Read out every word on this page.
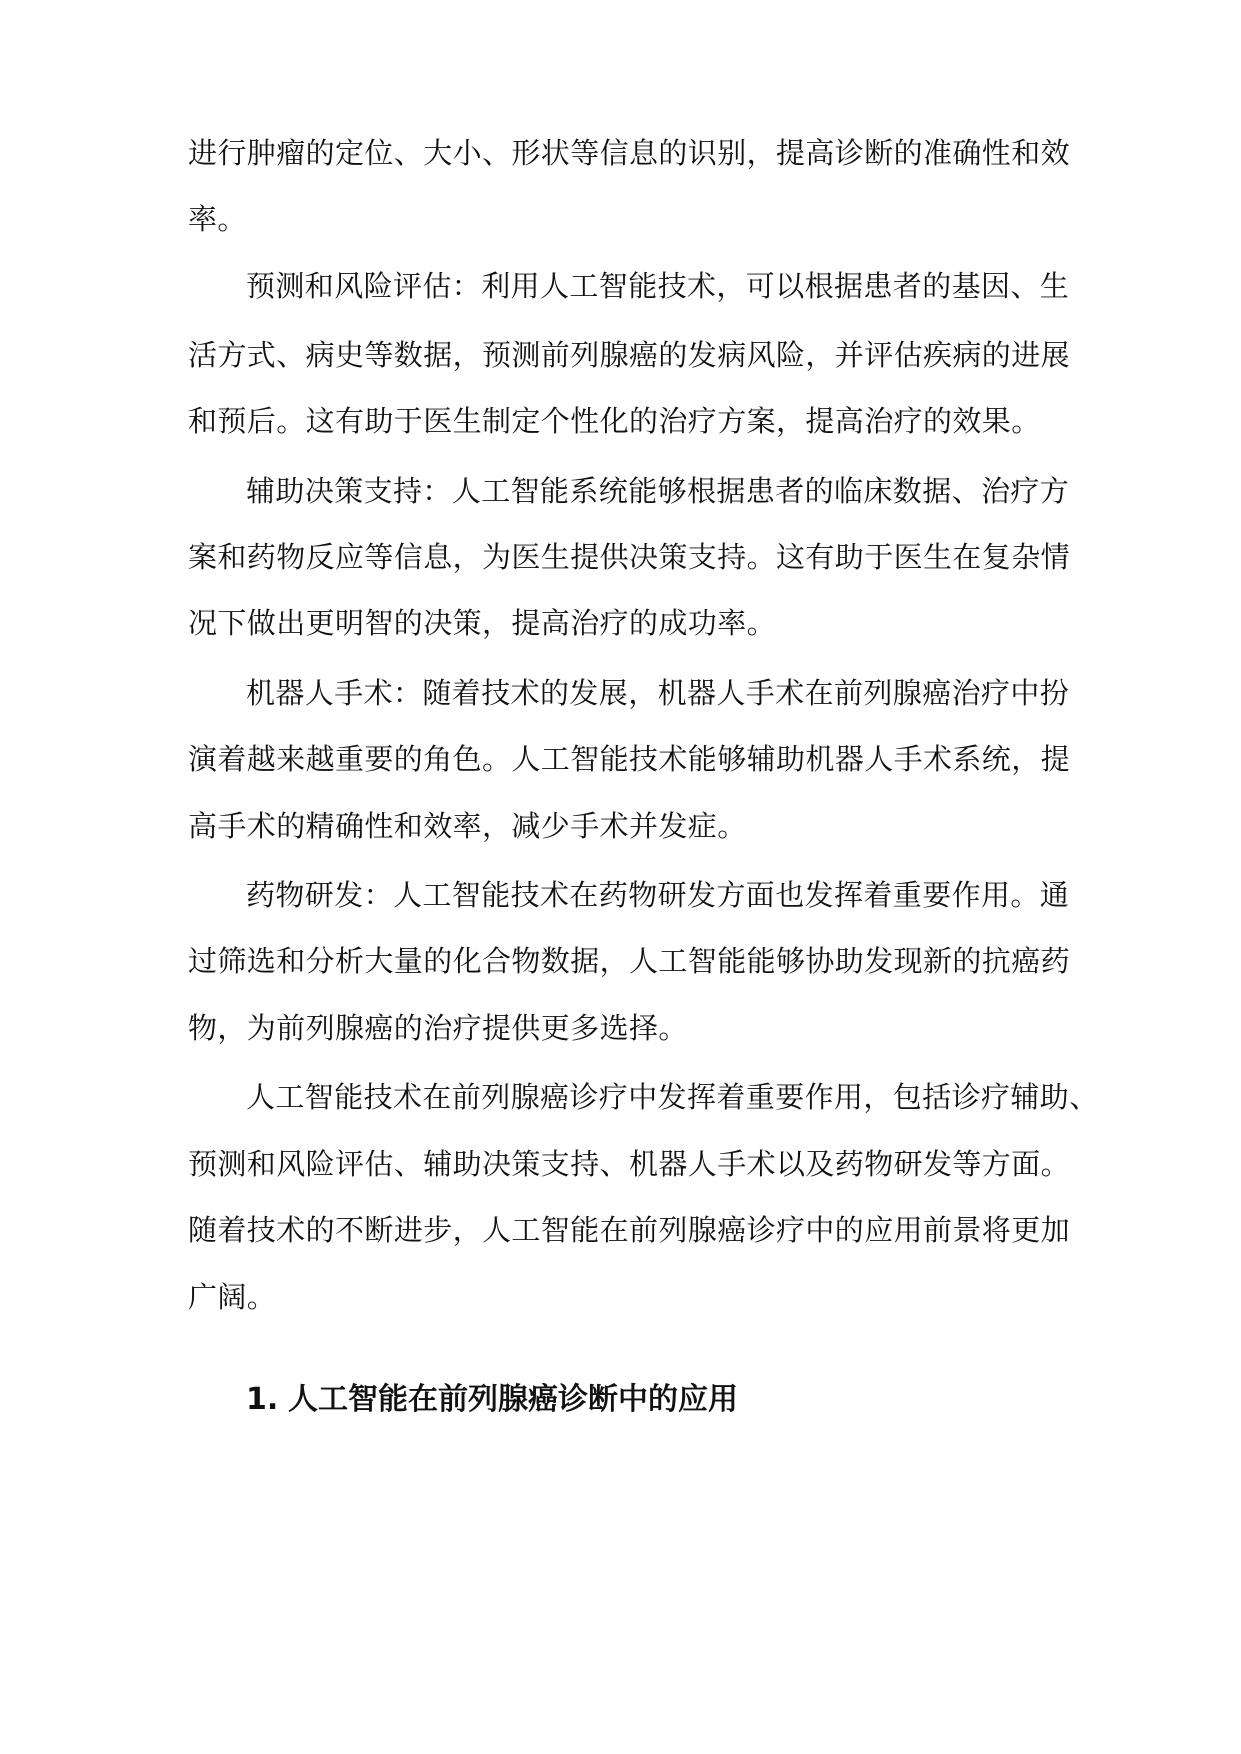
进行肿瘤的定位、大小、形状等信息的识别，提高诊断的准确性和效
率。
预测和风险评估：利用人工智能技术，可以根据患者的基因、生
活方式、病史等数据，预测前列腺癌的发病风险，并评估疾病的进展
和预后。这有助于医生制定个性化的治疗方案，提高治疗的效果。
辅助决策支持：人工智能系统能够根据患者的临床数据、治疗方
案和药物反应等信息，为医生提供决策支持。这有助于医生在复杂情
况下做出更明智的决策，提高治疗的成功率。
机器人手术：随着技术的发展，机器人手术在前列腺癌治疗中扮
演着越来越重要的角色。人工智能技术能够辅助机器人手术系统，提
高手术的精确性和效率，减少手术并发症。
药物研发：人工智能技术在药物研发方面也发挥着重要作用。通
过筛选和分析大量的化合物数据，人工智能能够协助发现新的抗癌药
物，为前列腺癌的治疗提供更多选择。
人工智能技术在前列腺癌诊疗中发挥着重要作用，包括诊疗辅助、
预测和风险评估、辅助决策支持、机器人手术以及药物研发等方面。
随着技术的不断进步，人工智能在前列腺癌诊疗中的应用前景将更加
广阔。
1. 人工智能在前列腺癌诊断中的应用
